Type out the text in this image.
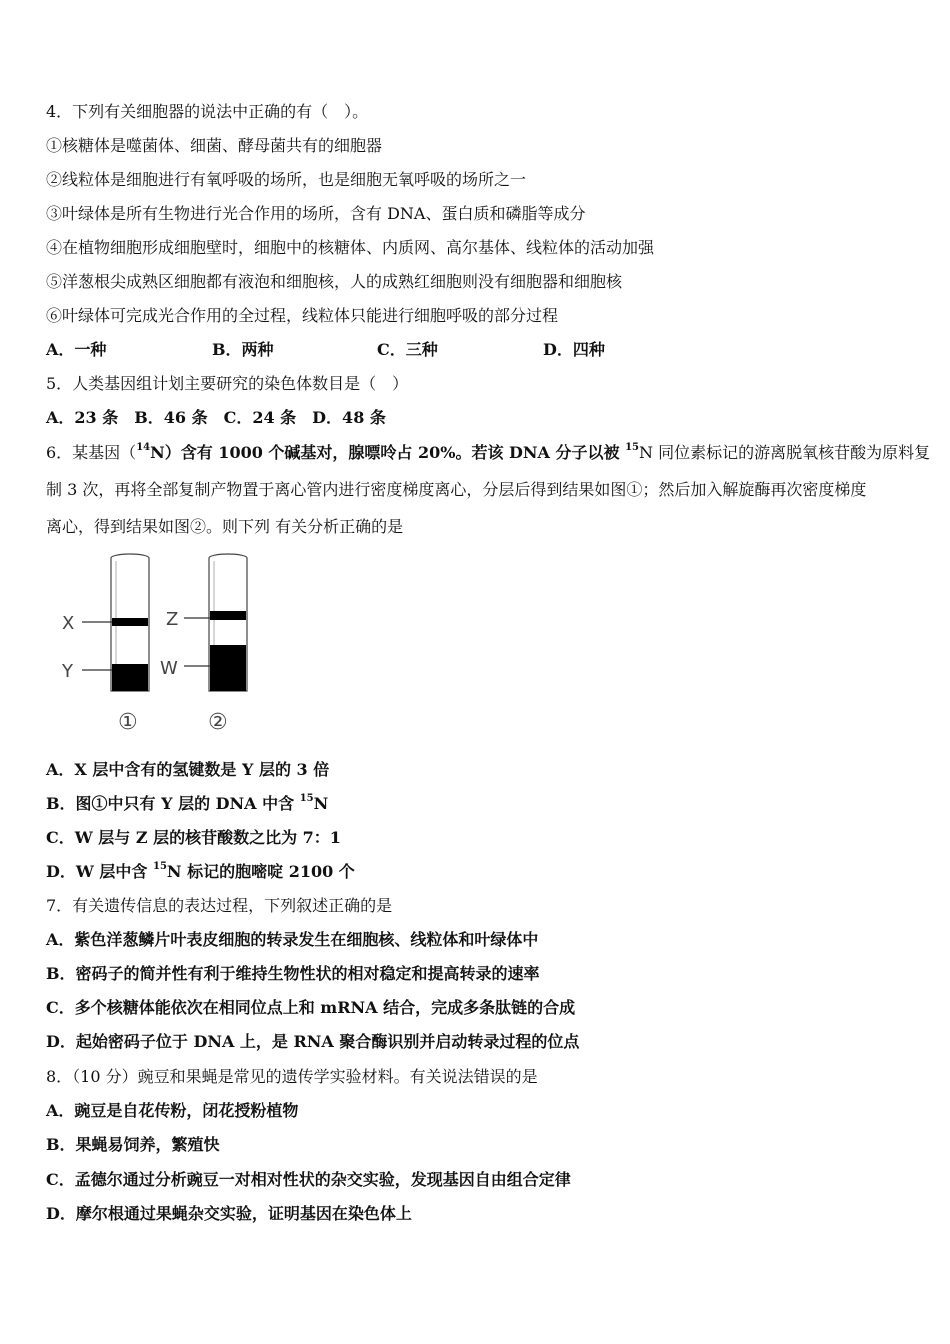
4．下列有关细胞器的说法中正确的有（　）。
①核糖体是噬菌体、细菌、酵母菌共有的细胞器
②线粒体是细胞进行有氧呼吸的场所，也是细胞无氧呼吸的场所之一
③叶绿体是所有生物进行光合作用的场所，含有 DNA、蛋白质和磷脂等成分
④在植物细胞形成细胞壁时，细胞中的核糖体、内质网、高尔基体、线粒体的活动加强
⑤洋葱根尖成熟区细胞都有液泡和细胞核，人的成熟红细胞则没有细胞器和细胞核
⑥叶绿体可完成光合作用的全过程，线粒体只能进行细胞呼吸的部分过程
A．一种	B．两种	C．三种	D．四种
5．人类基因组计划主要研究的染色体数目是（　）
A．23 条　B．46 条　C．24 条　D．48 条
6．某基因（$^{14}$N）含有 1000 个碱基对，腺嘌呤占 20%。若该 DNA 分子以被 $^{15}$N 同位素标记的游离脱氧核苷酸为原料复
制 3 次，再将全部复制产物置于离心管内进行密度梯度离心，分层后得到结果如图①；然后加入解旋酶再次密度梯度
离心，得到结果如图②。则下列 有关分析正确的是
X
Y
Z
W
①	②
A．X 层中含有的氢键数是 Y 层的 3 倍
B．图①中只有 Y 层的 DNA 中含 $^{15}$N
C．W 层与 Z 层的核苷酸数之比为 7：1
D．W 层中含 $^{15}$N 标记的胞嘧啶 2100 个
7．有关遗传信息的表达过程，下列叙述正确的是
A．紫色洋葱鳞片叶表皮细胞的转录发生在细胞核、线粒体和叶绿体中
B．密码子的简并性有利于维持生物性状的相对稳定和提高转录的速率
C．多个核糖体能依次在相同位点上和 mRNA 结合，完成多条肽链的合成
D．起始密码子位于 DNA 上，是 RNA 聚合酶识别并启动转录过程的位点
8．（10 分）豌豆和果蝇是常见的遗传学实验材料。有关说法错误的是
A．豌豆是自花传粉，闭花授粉植物
B．果蝇易饲养，繁殖快
C．孟德尔通过分析豌豆一对相对性状的杂交实验，发现基因自由组合定律
D．摩尔根通过果蝇杂交实验，证明基因在染色体上
